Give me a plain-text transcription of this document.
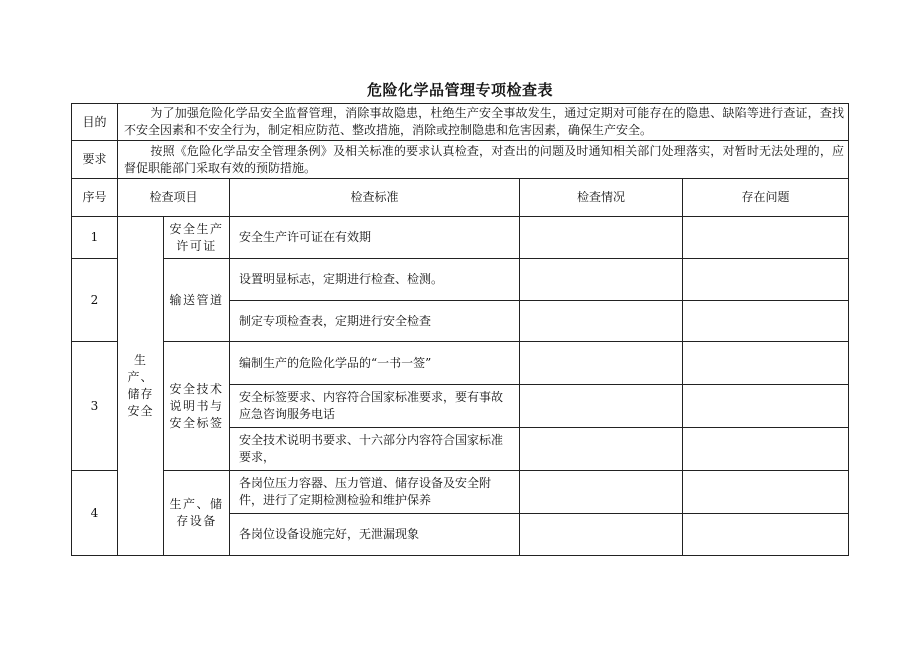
危险化学品管理专项检查表
目的	为了加强危险化学品安全监督管理，消除事故隐患，杜绝生产安全事故发生，通过定期对可能存在的隐患、缺陷等进行查证，查找不安全因素和不安全行为，制定相应防范、整改措施，消除或控制隐患和危害因素，确保生产安全。				
要求	按照《危险化学品安全管理条例》及相关标准的要求认真检查，对查出的问题及时通知相关部门处理落实，对暂时无法处理的，应督促职能部门采取有效的预防措施。				
序号	检查项目		检查标准	检查情况	存在问题
1	生产、储存安全	安全生产许可证	安全生产许可证在有效期		
2		输送管道	设置明显标志，定期进行检查、检测。		
			制定专项检查表，定期进行安全检查		
3		安全技术说明书与安全标签	编制生产的危险化学品的“一书一签”		
			安全标签要求、内容符合国家标准要求，要有事故应急咨询服务电话		
			安全技术说明书要求、十六部分内容符合国家标准要求，		
4		生产、储存设备	各岗位压力容器、压力管道、储存设备及安全附件，进行了定期检测检验和维护保养		
			各岗位设备设施完好，无泄漏现象		
